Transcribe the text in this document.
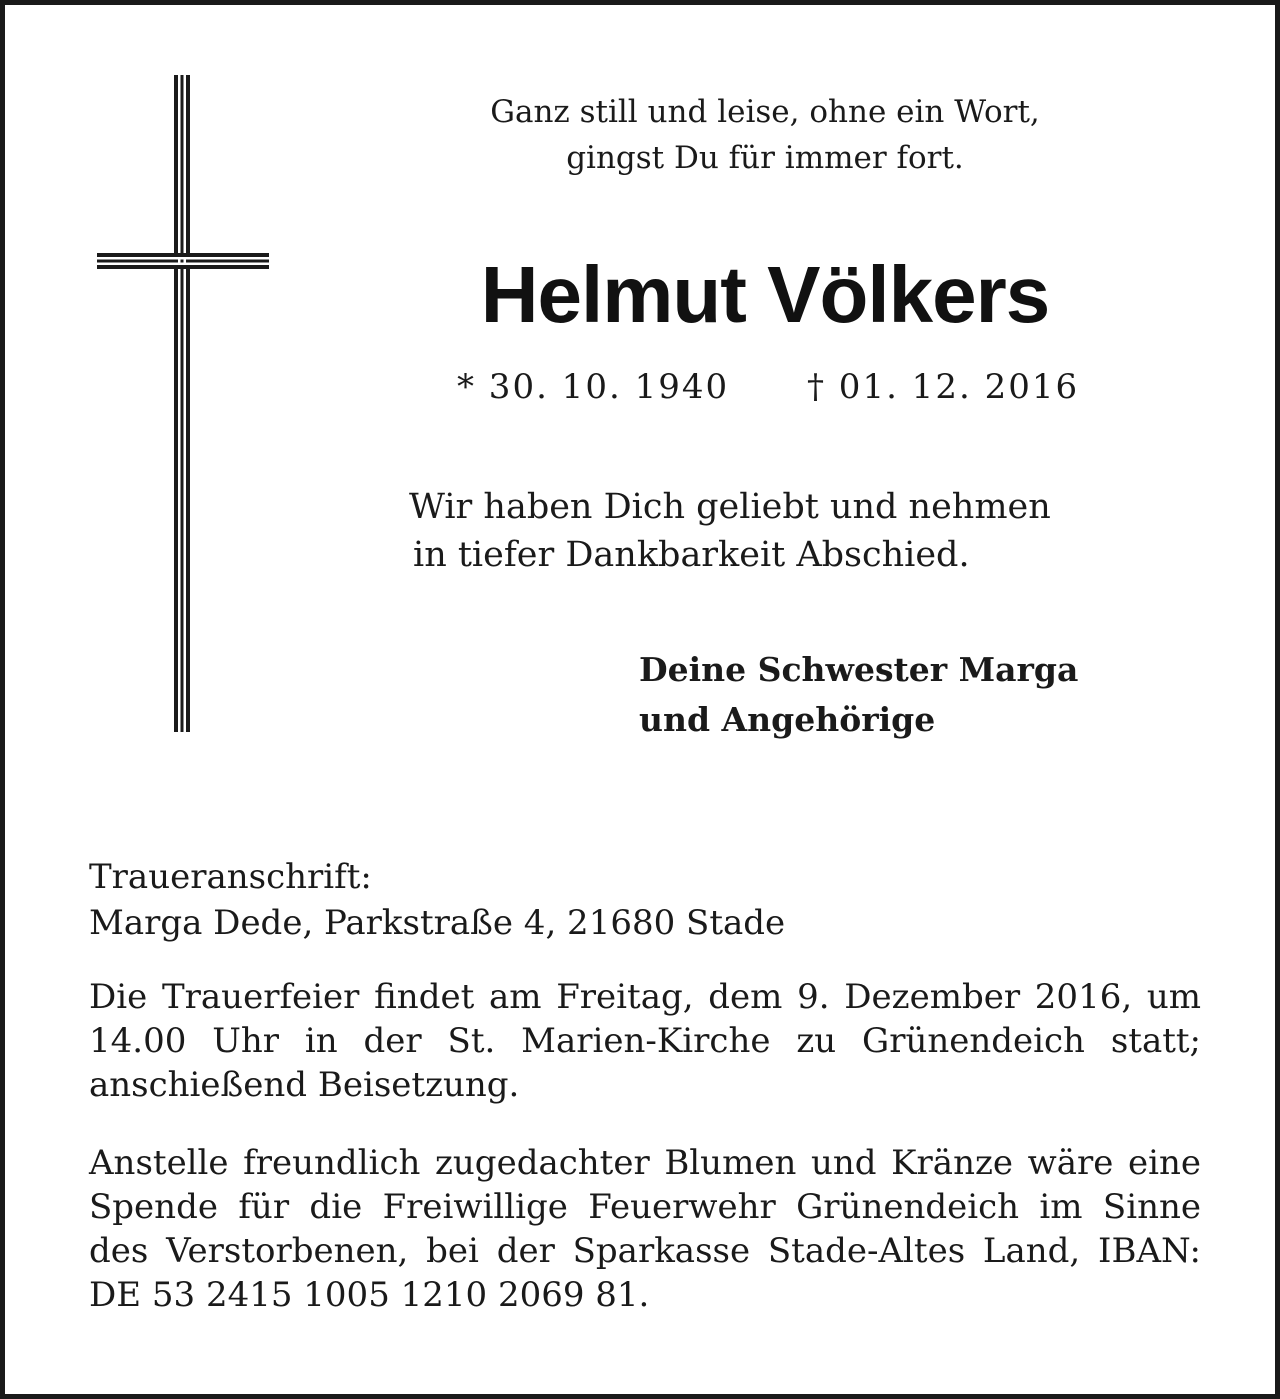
Ganz still und leise, ohne ein Wort,
gingst Du für immer fort.

Helmut Völkers
* 30. 10. 1940 † 01. 12. 2016

Wir haben Dich geliebt und nehmen
in tiefer Dankbarkeit Abschied.

Deine Schwester Marga
und Angehörige

Traueranschrift:
Marga Dede, Parkstraße 4, 21680 Stade

Die Trauerfeier findet am Freitag, dem 9. Dezember 2016, um 14.00 Uhr in der St. Marien-Kirche zu Grünendeich statt; anschießend Beisetzung.

Anstelle freundlich zugedachter Blumen und Kränze wäre eine Spende für die Freiwillige Feuerwehr Grünendeich im Sinne des Verstorbenen, bei der Sparkasse Stade-Altes Land, IBAN: DE 53 2415 1005 1210 2069 81.
